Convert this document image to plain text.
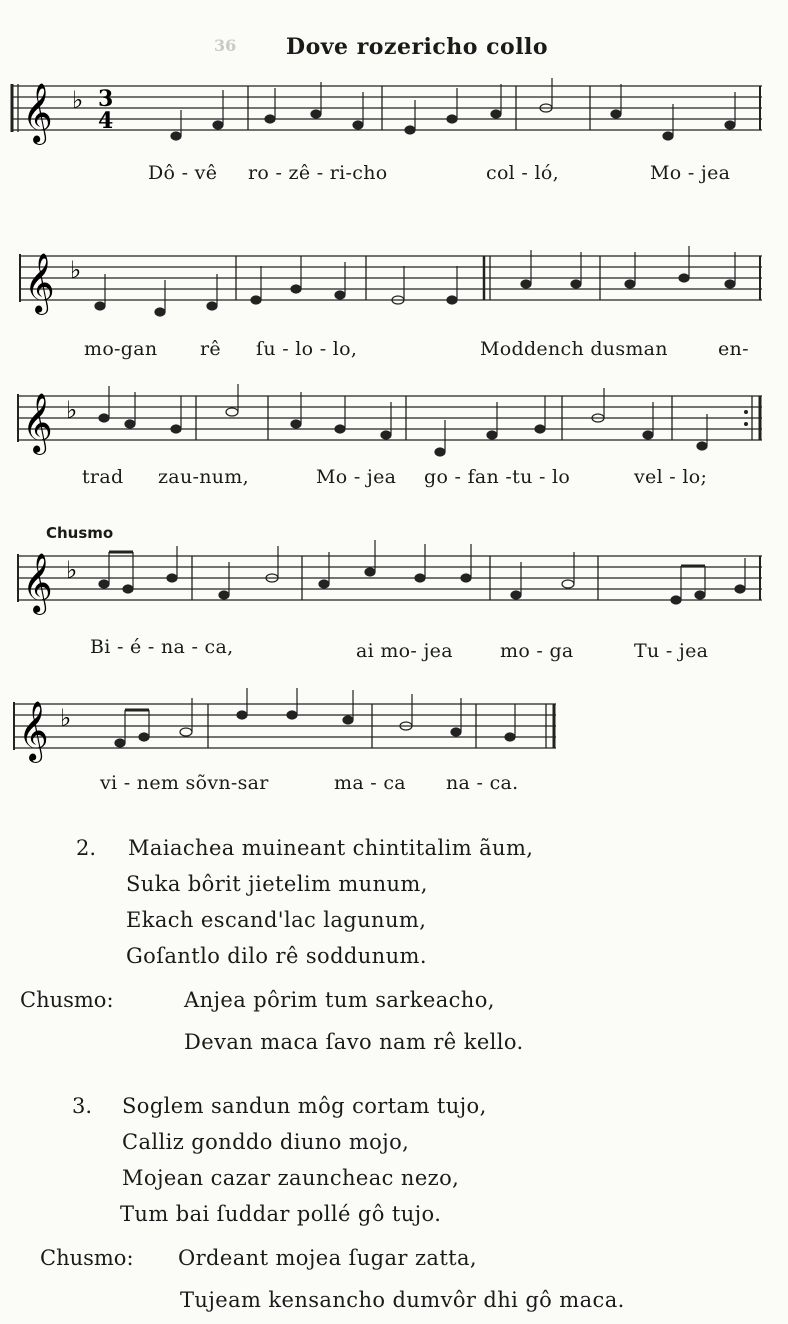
36 Dove rozericho collo
𝄞 ♭ 3
4
Dô - vê ro - zê - ri-cho	col - ló,	Mo - jea
𝄞 ♭
mo-gan rê ſu - lo - lo,	Moddench dusman	en-
𝄞 ♭
trad zau-num,	Mo - jea go - fan -tu - lo	vel - lo;
Chusmo
𝄞 ♭
Bi - é - na - ca,	ai mo- jea mo - ga	Tu - jea
𝄞 ♭
vi - nem sõvn-sar	ma - ca na - ca.
2. Maiachea muineant chintitalim ãum,
Suka bôrit jietelim munum,
Ekach escand'lac lagunum,
Goſantlo dilo rê soddunum.
Chusmo:	Anjea pôrim tum sarkeacho,
Devan maca ſavo nam rê kello.
3. Soglem sandun môg cortam tujo,
Calliz gonddo diuno mojo,
Mojean cazar zauncheac nezo,
Tum bai ſuddar pollé gô tujo.
Chusmo: Ordeant mojea ſugar zatta,
Tujeam kensancho dumvôr dhi gô maca.
